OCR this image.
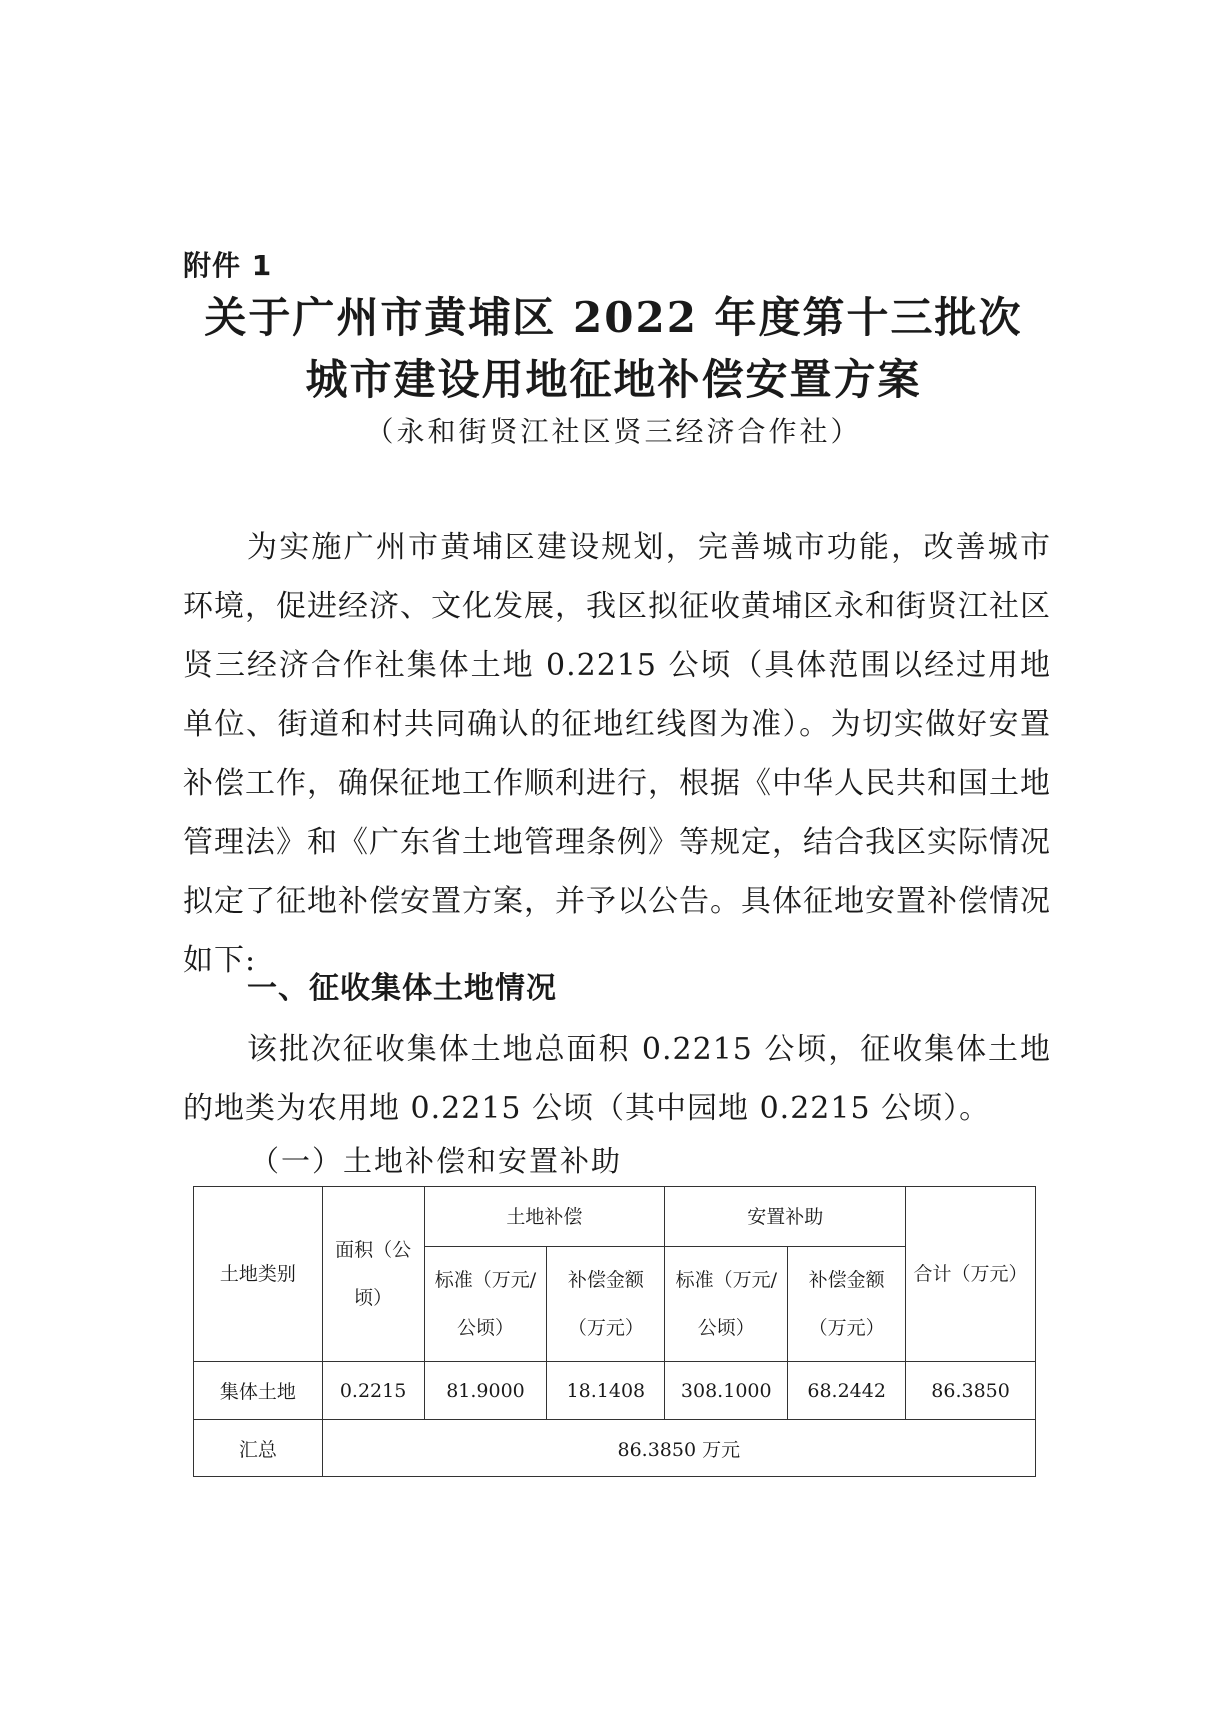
附件 1
关于广州市黄埔区 2022 年度第十三批次
城市建设用地征地补偿安置方案
（永和街贤江社区贤三经济合作社）

为实施广州市黄埔区建设规划，完善城市功能，改善城市环境，促进经济、文化发展，我区拟征收黄埔区永和街贤江社区贤三经济合作社集体土地 0.2215 公顷（具体范围以经过用地单位、街道和村共同确认的征地红线图为准）。为切实做好安置补偿工作，确保征地工作顺利进行，根据《中华人民共和国土地管理法》和《广东省土地管理条例》等规定，结合我区实际情况拟定了征地补偿安置方案，并予以公告。具体征地安置补偿情况如下:

一、征收集体土地情况

该批次征收集体土地总面积 0.2215 公顷，征收集体土地的地类为农用地 0.2215 公顷（其中园地 0.2215 公顷）。

（一）土地补偿和安置补助
土地类别	面积（公顷）	土地补偿		安置补助		合计（万元）
		标准（万元/公顷）	补偿金额（万元）	标准（万元/公顷）	补偿金额（万元）	
集体土地	0.2215	81.9000	18.1408	308.1000	68.2442	86.3850
汇总	86.3850 万元					
